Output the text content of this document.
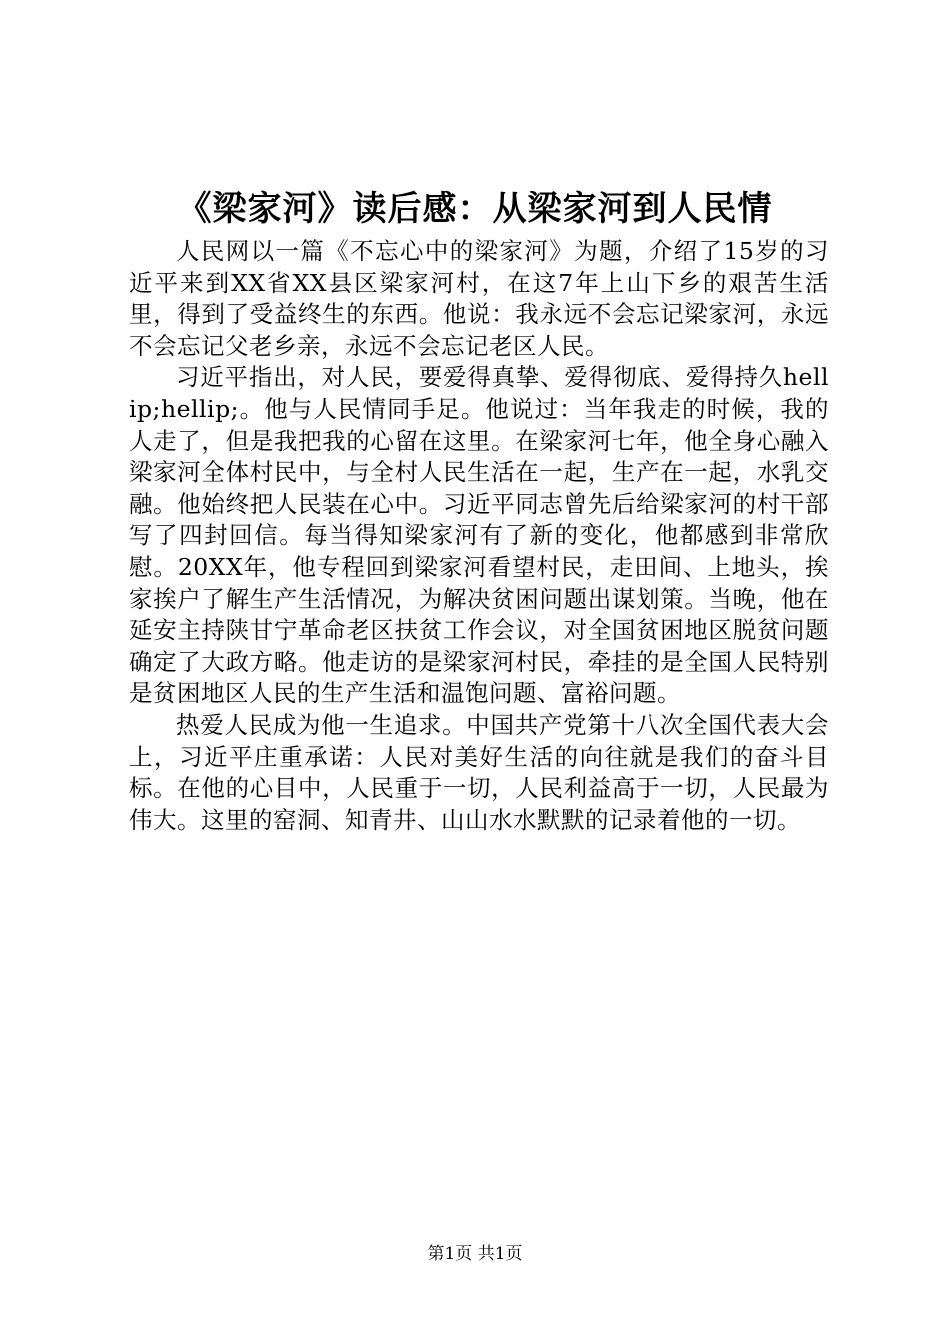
《梁家河》读后感：从梁家河到人民情

人民网以一篇《不忘心中的梁家河》为题，介绍了15岁的习近平来到XX省XX县区梁家河村，在这7年上山下乡的艰苦生活里，得到了受益终生的东西。他说：我永远不会忘记梁家河，永远不会忘记父老乡亲，永远不会忘记老区人民。

习近平指出，对人民，要爱得真挚、爱得彻底、爱得持久hellip;hellip;。他与人民情同手足。他说过：当年我走的时候，我的人走了，但是我把我的心留在这里。在梁家河七年，他全身心融入梁家河全体村民中，与全村人民生活在一起，生产在一起，水乳交融。他始终把人民装在心中。习近平同志曾先后给梁家河的村干部写了四封回信。每当得知梁家河有了新的变化，他都感到非常欣慰。20XX年，他专程回到梁家河看望村民，走田间、上地头，挨家挨户了解生产生活情况，为解决贫困问题出谋划策。当晚，他在延安主持陕甘宁革命老区扶贫工作会议，对全国贫困地区脱贫问题确定了大政方略。他走访的是梁家河村民，牵挂的是全国人民特别是贫困地区人民的生产生活和温饱问题、富裕问题。

热爱人民成为他一生追求。中国共产党第十八次全国代表大会上，习近平庄重承诺：人民对美好生活的向往就是我们的奋斗目标。在他的心目中，人民重于一切，人民利益高于一切，人民最为伟大。这里的窑洞、知青井、山山水水默默的记录着他的一切。

第1页 共1页
